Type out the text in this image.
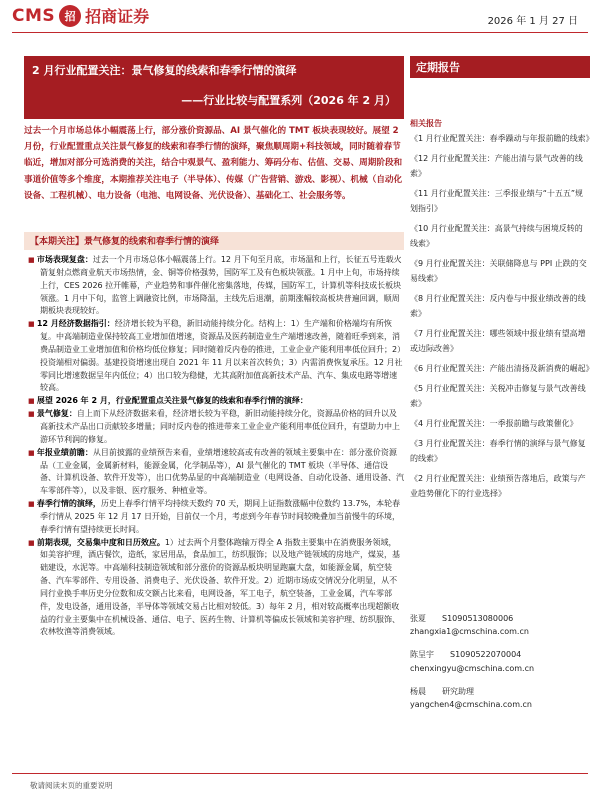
CMS 招 招商证券	2026 年 1 月 27 日
2 月行业配置关注：景气修复的线索和春季行情的演绎
——行业比较与配置系列（2026 年 2 月）
定期报告
过去一个月市场总体小幅震荡上行，部分涨价资源品、AI 景气催化的 TMT 板块表现较好。展望 2 月份，行业配置重点关注景气修复的线索和春季行情的演绎，聚焦顺周期+科技领域，同时随着春节临近，增加对部分可选消费的关注，结合中观景气、盈利能力、筹码分布、估值、交易、周期阶段和事道价值等多个维度，本期推荐关注电子（半导体）、传媒（广告营销、游戏、影视）、机械（自动化设备、工程机械）、电力设备（电池、电网设备、光伏设备）、基础化工、社会服务等。
【本期关注】景气修复的线索和春季行情的演绎

■ 市场表现复盘：过去一个月市场总体小幅震荡上行。12 月下旬至月底，市场温和上行，长征五号连载火箭复射点燃商业航天市场热情，金、铜等价格强势，国防军工及有色板块领涨。1 月中上旬，市场持续上行，CES 2026 拉开帷幕，产业趋势和事件催化密集落地，传媒，国防军工，计算机等科技成长板块领涨。1 月中下旬，监管上调融资比例，市场降温，主线先后退潮，前期涨幅较高板块普遍回调，顺周期板块表现较好。

■ 12 月经济数据指引：经济增长较为平稳，新旧动能持续分化。结构上：1）生产端和价格端均有所恢复。中高端制造业保持较高工业增加值增速，资源品及医药制造业生产端增速改善，随着旺季到来，消费品制造业工业增加值和价格均低位修复；同时随着反内卷的推进，工业企业产能利用率低位回升；2）投资端相对偏弱。基建投资增速出现自 2021 年 11 月以来首次转负；3）内需消费恢复承压。12 月社零同比增速数据呈年内低位；4）出口较为稳健，尤其高附加值高新技术产品、汽车、集成电路等增速较高。

■ 展望 2026 年 2 月，行业配置重点关注景气修复的线索和春季行情的演绎：

■ 景气修复：自上而下从经济数据来看，经济增长较为平稳，新旧动能持续分化，资源品价格的回升以及高新技术产品出口贡献较多增量；同时反内卷的推进带来工业企业产能利用率低位回升，有望助力中上游环节利润的修复。

■ 年报业绩前瞻：从目前披露的业绩预告来看，业绩增速较高或有改善的领域主要集中在：部分涨价资源品（工业金属，金属新材料，能源金属，化学制品等），AI 景气催化的 TMT 板块（半导体、通信设备、计算机设备、软件开发等），出口优势品显的中高端制造业（电网设备、自动化设备、通用设备、汽车零部件等），以及非银、医疗服务、种植业等。

■ 春季行情的演绎，历史上春季行情平均持续天数约 70 天，期间上证指数涨幅中位数约 13.7%，本轮春季行情从 2025 年 12 月 17 日开始，目前仅一个月，考虑到今年春节时间较晚叠加当前慢牛的环境，春季行情有望持续更长时间。

■ 前期表现，交易集中度和日历效应。1）过去两个月整体跑输万得全 A 指数主要集中在消费服务领域，如美容护理，酒店餐饮，造纸，家居用品，食品加工，纺织服饰；以及地产链领域的房地产，煤炭，基础建设，水泥等。中高端科技制造领域和部分涨价的资源品板块明显跑赢大盘，如能源金属，航空装备、汽车零部件、专用设备、消费电子、光伏设备、软件开发。2）近期市场成交情况分化明显，从不同行业换手率历史分位数和成交额占比来看，电网设备，军工电子，航空装备，工业金属，汽车零部件，发电设备，通用设备，半导体等领域交易占比相对较低。3）每年 2 月，相对较高概率出现超额收益的行业主要集中在机械设备、通信、电子、医药生物、计算机等偏成长领域和美容护理、纺织服饰、农林牧渔等消费领域。

相关报告
《1 月行业配置关注：春季躁动与年报前瞻的线索》
《12 月行业配置关注：产能出清与景气改善的线索》
《11 月行业配置关注：三季报业绩与“十五五”规划指引》
《10 月行业配置关注：高景气持续与困境反转的线索》
《9 月行业配置关注：关联储降息与 PPI 止跌的交易线索》
《8 月行业配置关注：反内卷与中报业绩改善的线索》
《7 月行业配置关注：哪些领域中报业绩有望高增或边际改善》
《6 月行业配置关注：产能出清扬及新消费的崛起》
《5 月行业配置关注：关税冲击修复与景气改善线索》
《4 月行业配置关注：一季报前瞻与政策催化》
《3 月行业配置关注：春季行情的演绎与景气修复的线索》
《2 月行业配置关注：业绩预告落地后，政策与产业趋势催化下的行业选择》
张夏 S1090513080006
zhangxia1@cmschina.com.cn
陈呈宇 S1090522070004
chenxingyu@cmschina.com.cn
杨晨 研究助理
yangchen4@cmschina.com.cn
敬请阅读末页的重要说明
